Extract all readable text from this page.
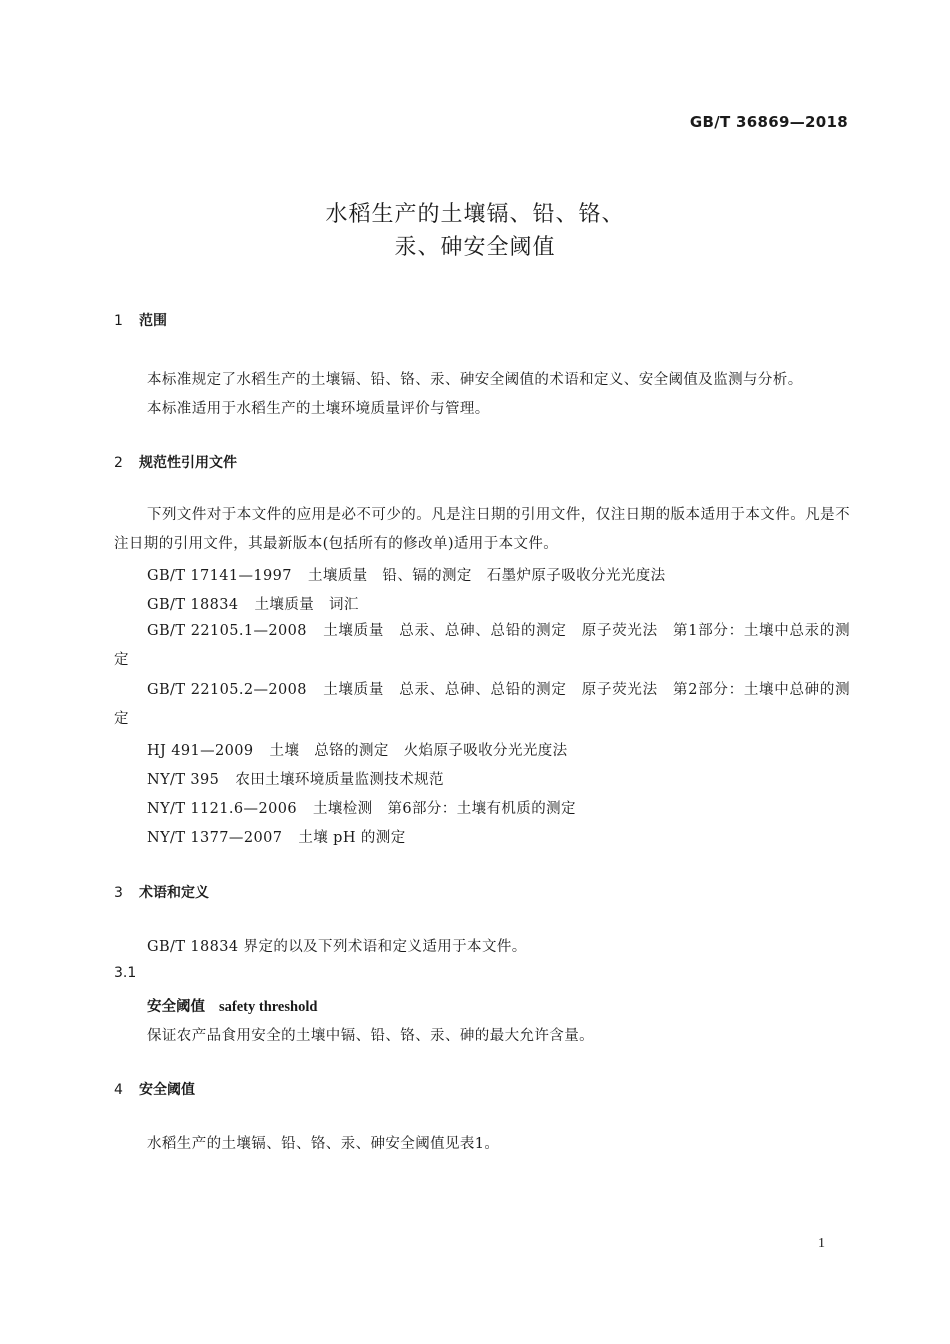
GB/T 36869—2018
水稻生产的土壤镉、铅、铬、
汞、砷安全阈值
1 范围
本标准规定了水稻生产的土壤镉、铅、铬、汞、砷安全阈值的术语和定义、安全阈值及监测与分析。
本标准适用于水稻生产的土壤环境质量评价与管理。
2 规范性引用文件
下列文件对于本文件的应用是必不可少的。凡是注日期的引用文件，仅注日期的版本适用于本文件。凡是不注日期的引用文件，其最新版本(包括所有的修改单)适用于本文件。
GB/T 17141—1997 土壤质量　铅、镉的测定　石墨炉原子吸收分光光度法
GB/T 18834 土壤质量　词汇
GB/T 22105.1—2008 土壤质量　总汞、总砷、总铅的测定　原子荧光法　第1部分：土壤中总汞的测定
GB/T 22105.2—2008 土壤质量　总汞、总砷、总铅的测定　原子荧光法　第2部分：土壤中总砷的测定
HJ 491—2009 土壤　总铬的测定　火焰原子吸收分光光度法
NY/T 395 农田土壤环境质量监测技术规范
NY/T 1121.6—2006 土壤检测　第6部分：土壤有机质的测定
NY/T 1377—2007 土壤 pH 的测定
3 术语和定义
GB/T 18834 界定的以及下列术语和定义适用于本文件。
3.1
安全阈值 safety threshold
保证农产品食用安全的土壤中镉、铅、铬、汞、砷的最大允许含量。
4 安全阈值
水稻生产的土壤镉、铅、铬、汞、砷安全阈值见表1。
1
